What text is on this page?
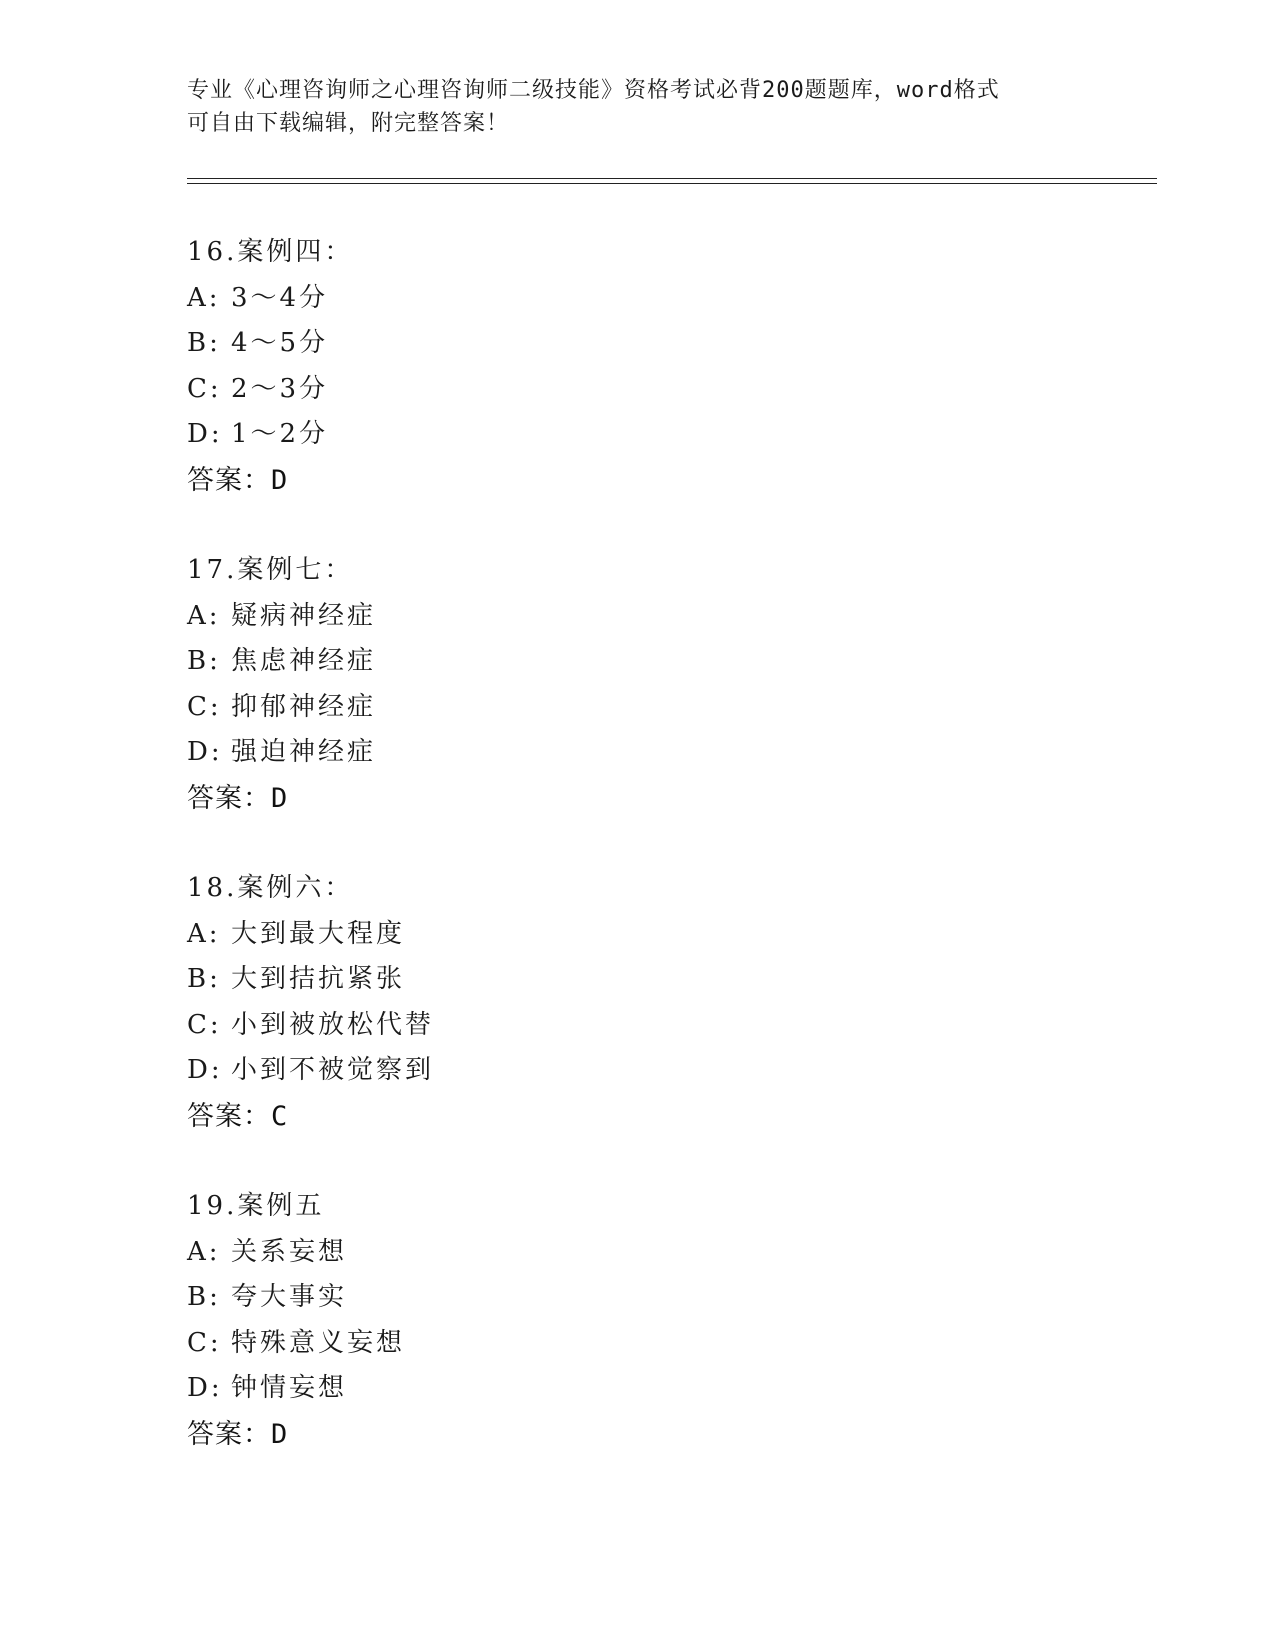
专业《心理咨询师之心理咨询师二级技能》资格考试必背200题题库，word格式
可自由下载编辑，附完整答案！
16.案例四：
A: 3～4分
B: 4～5分
C: 2～3分
D: 1～2分
答案：D
17.案例七：
A: 疑病神经症
B: 焦虑神经症
C: 抑郁神经症
D: 强迫神经症
答案：D
18.案例六：
A: 大到最大程度
B: 大到拮抗紧张
C: 小到被放松代替
D: 小到不被觉察到
答案：C
19.案例五
A: 关系妄想
B: 夸大事实
C: 特殊意义妄想
D: 钟情妄想
答案：D
